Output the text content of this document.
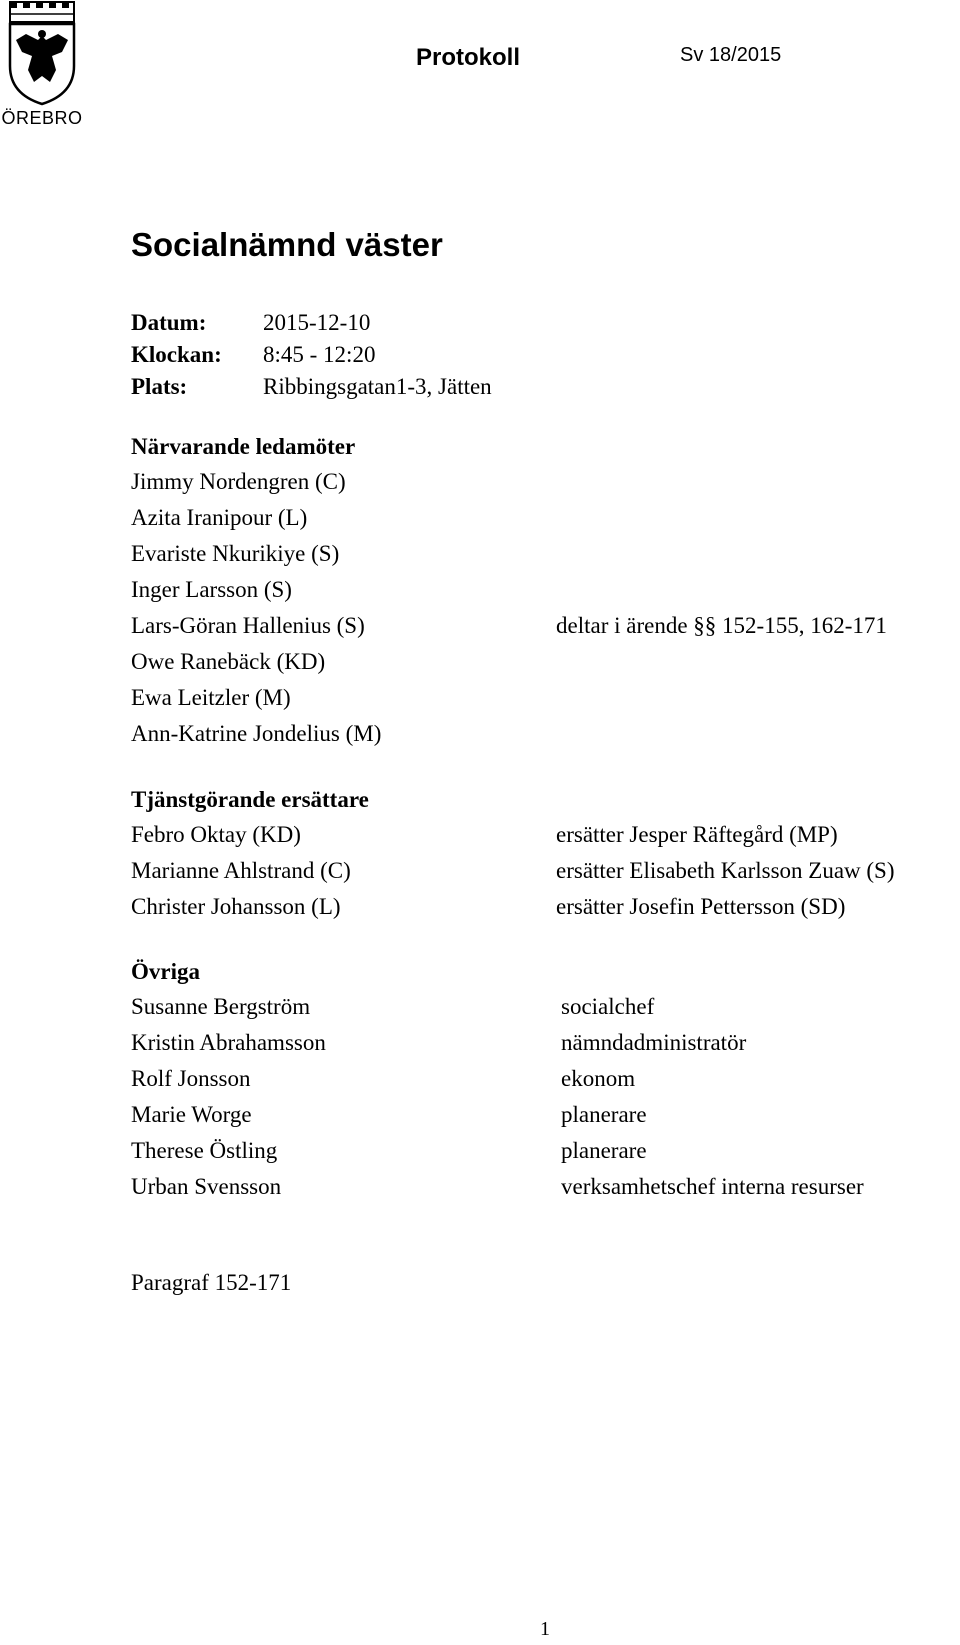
ÖREBRO
Protokoll	Sv 18/2015
Socialnämnd väster
Datum: 2015-12-10
Klockan: 8:45 - 12:20
Plats:	Ribbingsgatan1-3, Jätten
Närvarande ledamöter
Jimmy Nordengren (C)
Azita Iranipour (L)
Evariste Nkurikiye (S)
Inger Larsson (S)
Lars-Göran Hallenius (S)	deltar i ärende §§ 152-155, 162-171
Owe Ranebäck (KD)
Ewa Leitzler (M)
Ann-Katrine Jondelius (M)
Tjänstgörande ersättare
Febro Oktay (KD)	ersätter Jesper Räftegård (MP)
Marianne Ahlstrand (C)	ersätter Elisabeth Karlsson Zuaw (S)
Christer Johansson (L)	ersätter Josefin Pettersson (SD)
Övriga
Susanne Bergström	socialchef
Kristin Abrahamsson	nämndadministratör
Rolf Jonsson	ekonom
Marie Worge	planerare
Therese Östling	planerare
Urban Svensson	verksamhetschef interna resurser
Paragraf 152-171
1
